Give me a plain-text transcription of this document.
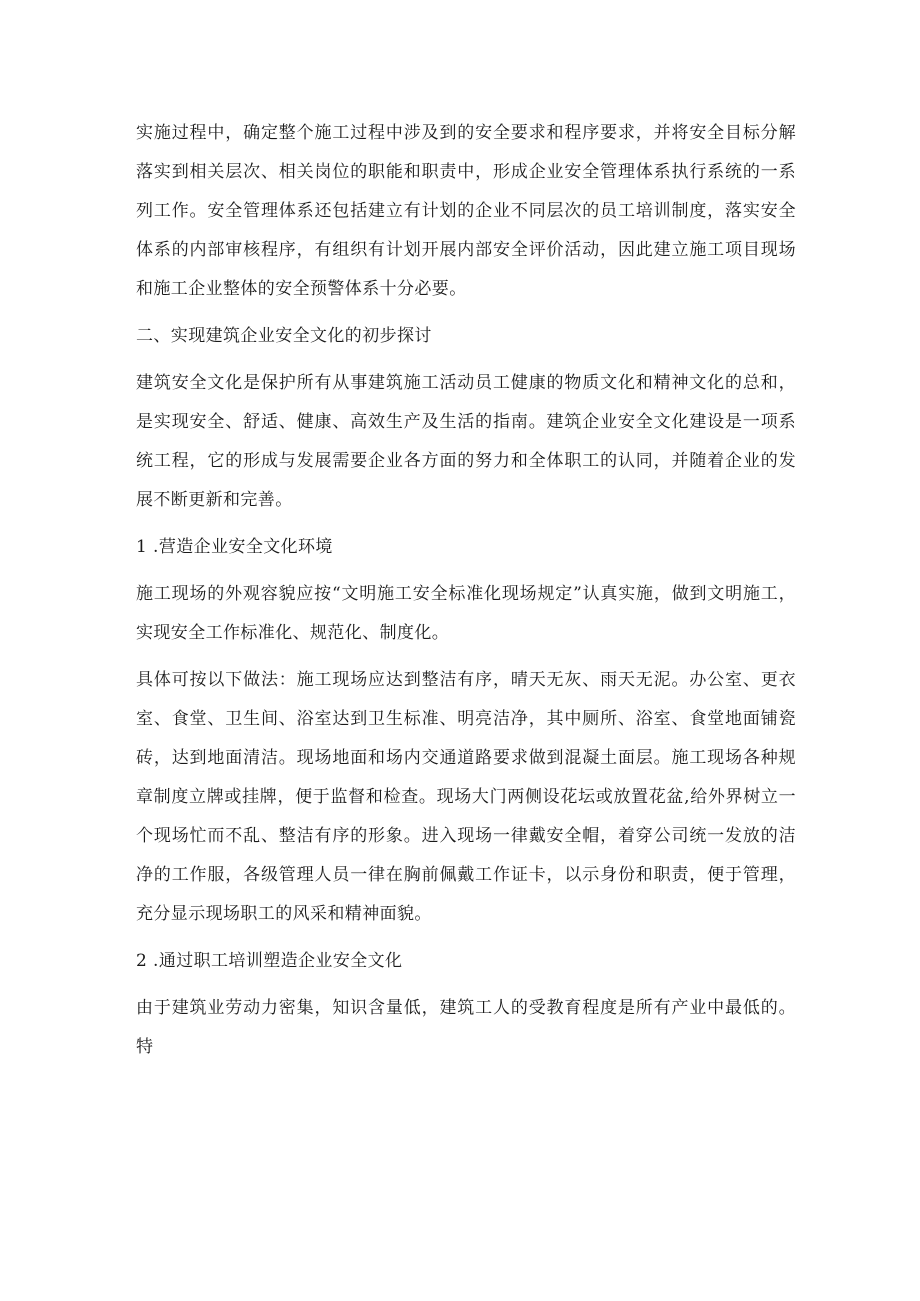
实施过程中，确定整个施工过程中涉及到的安全要求和程序要求，并将安全目标分解落实到相关层次、相关岗位的职能和职责中，形成企业安全管理体系执行系统的一系列工作。安全管理体系还包括建立有计划的企业不同层次的员工培训制度，落实安全体系的内部审核程序，有组织有计划开展内部安全评价活动，因此建立施工项目现场和施工企业整体的安全预警体系十分必要。

二、实现建筑企业安全文化的初步探讨

建筑安全文化是保护所有从事建筑施工活动员工健康的物质文化和精神文化的总和，是实现安全、舒适、健康、高效生产及生活的指南。建筑企业安全文化建设是一项系统工程，它的形成与发展需要企业各方面的努力和全体职工的认同，并随着企业的发展不断更新和完善。

1 .营造企业安全文化环境

施工现场的外观容貌应按“文明施工安全标准化现场规定”认真实施，做到文明施工，实现安全工作标准化、规范化、制度化。

具体可按以下做法：施工现场应达到整洁有序，晴天无灰、雨天无泥。办公室、更衣室、食堂、卫生间、浴室达到卫生标准、明亮洁净，其中厕所、浴室、食堂地面铺瓷砖，达到地面清洁。现场地面和场内交通道路要求做到混凝土面层。施工现场各种规章制度立牌或挂牌，便于监督和检查。现场大门两侧设花坛或放置花盆,给外界树立一个现场忙而不乱、整洁有序的形象。进入现场一律戴安全帽，着穿公司统一发放的洁净的工作服，各级管理人员一律在胸前佩戴工作证卡，以示身份和职责，便于管理，充分显示现场职工的风采和精神面貌。

2 .通过职工培训塑造企业安全文化

由于建筑业劳动力密集，知识含量低，建筑工人的受教育程度是所有产业中最低的。特
